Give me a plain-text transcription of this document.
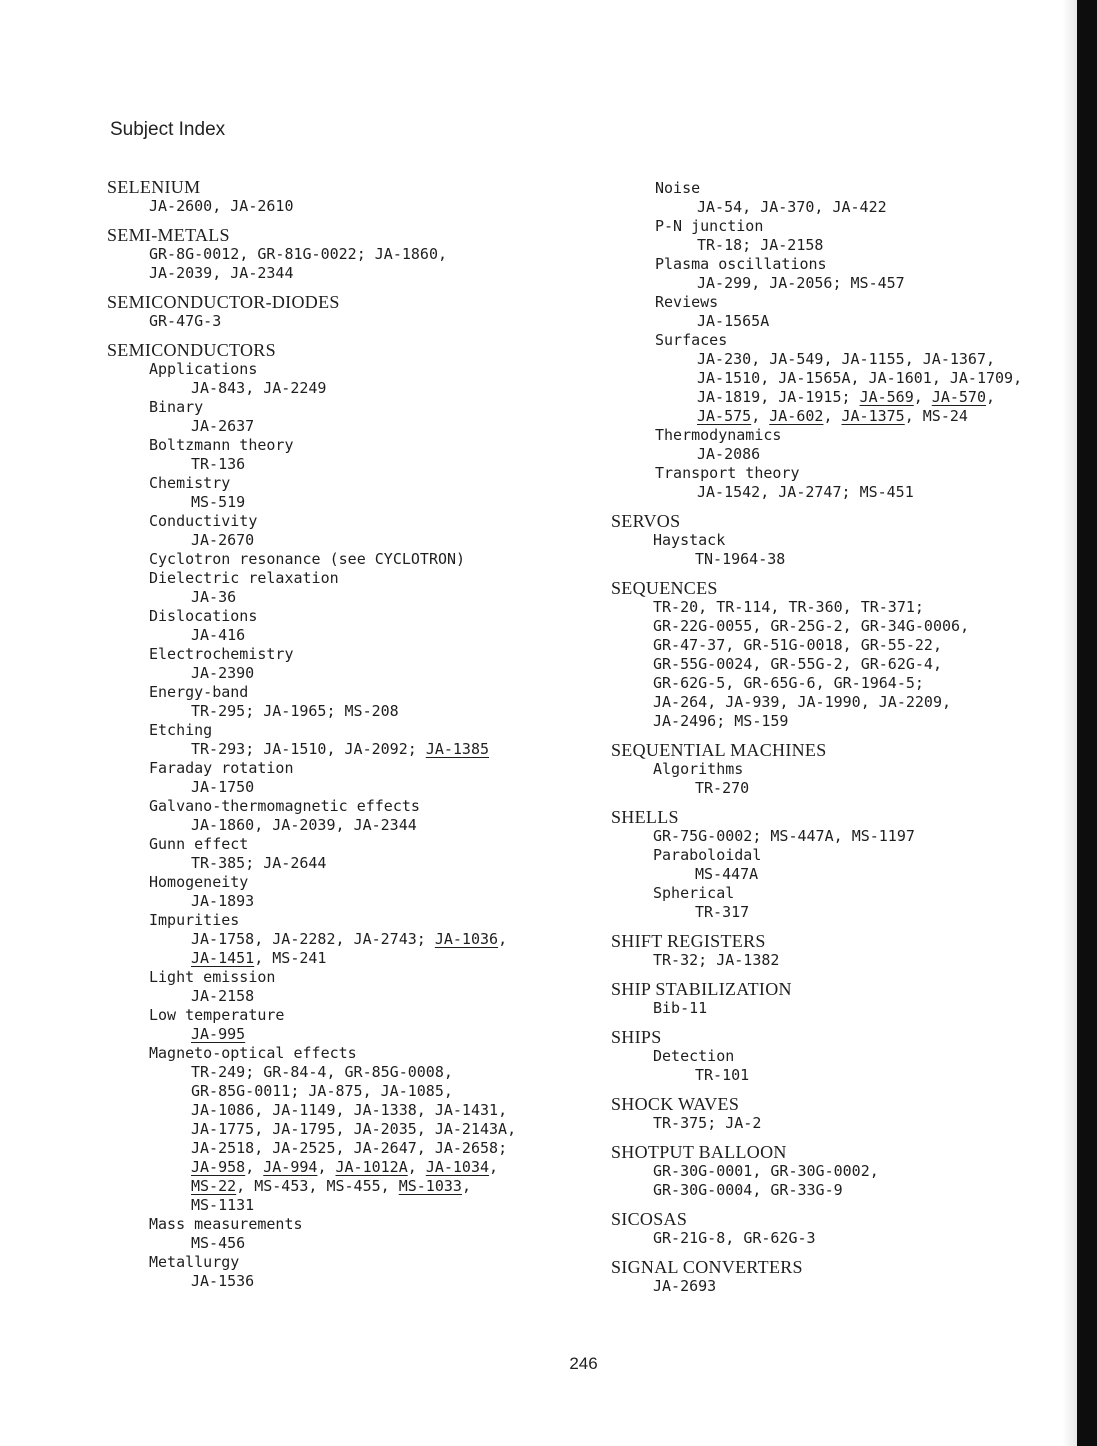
Subject Index
SELENIUM
JA-2600, JA-2610
SEMI-METALS
GR-8G-0012, GR-81G-0022; JA-1860,
JA-2039, JA-2344
SEMICONDUCTOR-DIODES
GR-47G-3
SEMICONDUCTORS
Applications
JA-843, JA-2249
Binary
JA-2637
Boltzmann theory
TR-136
Chemistry
MS-519
Conductivity
JA-2670
Cyclotron resonance (see CYCLOTRON)
Dielectric relaxation
JA-36
Dislocations
JA-416
Electrochemistry
JA-2390
Energy-band
TR-295; JA-1965; MS-208
Etching
TR-293; JA-1510, JA-2092; JA-1385
Faraday rotation
JA-1750
Galvano-thermomagnetic effects
JA-1860, JA-2039, JA-2344
Gunn effect
TR-385; JA-2644
Homogeneity
JA-1893
Impurities
JA-1758, JA-2282, JA-2743; JA-1036,
JA-1451, MS-241
Light emission
JA-2158
Low temperature
JA-995
Magneto-optical effects
TR-249; GR-84-4, GR-85G-0008,
GR-85G-0011; JA-875, JA-1085,
JA-1086, JA-1149, JA-1338, JA-1431,
JA-1775, JA-1795, JA-2035, JA-2143A,
JA-2518, JA-2525, JA-2647, JA-2658;
JA-958, JA-994, JA-1012A, JA-1034,
MS-22, MS-453, MS-455, MS-1033,
MS-1131
Mass measurements
MS-456
Metallurgy
JA-1536
Noise
JA-54, JA-370, JA-422
P-N junction
TR-18; JA-2158
Plasma oscillations
JA-299, JA-2056; MS-457
Reviews
JA-1565A
Surfaces
JA-230, JA-549, JA-1155, JA-1367,
JA-1510, JA-1565A, JA-1601, JA-1709,
JA-1819, JA-1915; JA-569, JA-570,
JA-575, JA-602, JA-1375, MS-24
Thermodynamics
JA-2086
Transport theory
JA-1542, JA-2747; MS-451
SERVOS
Haystack
TN-1964-38
SEQUENCES
TR-20, TR-114, TR-360, TR-371;
GR-22G-0055, GR-25G-2, GR-34G-0006,
GR-47-37, GR-51G-0018, GR-55-22,
GR-55G-0024, GR-55G-2, GR-62G-4,
GR-62G-5, GR-65G-6, GR-1964-5;
JA-264, JA-939, JA-1990, JA-2209,
JA-2496; MS-159
SEQUENTIAL MACHINES
Algorithms
TR-270
SHELLS
GR-75G-0002; MS-447A, MS-1197
Paraboloidal
MS-447A
Spherical
TR-317
SHIFT REGISTERS
TR-32; JA-1382
SHIP STABILIZATION
Bib-11
SHIPS
Detection
TR-101
SHOCK WAVES
TR-375; JA-2
SHOTPUT BALLOON
GR-30G-0001, GR-30G-0002,
GR-30G-0004, GR-33G-9
SICOSAS
GR-21G-8, GR-62G-3
SIGNAL CONVERTERS
JA-2693
246
